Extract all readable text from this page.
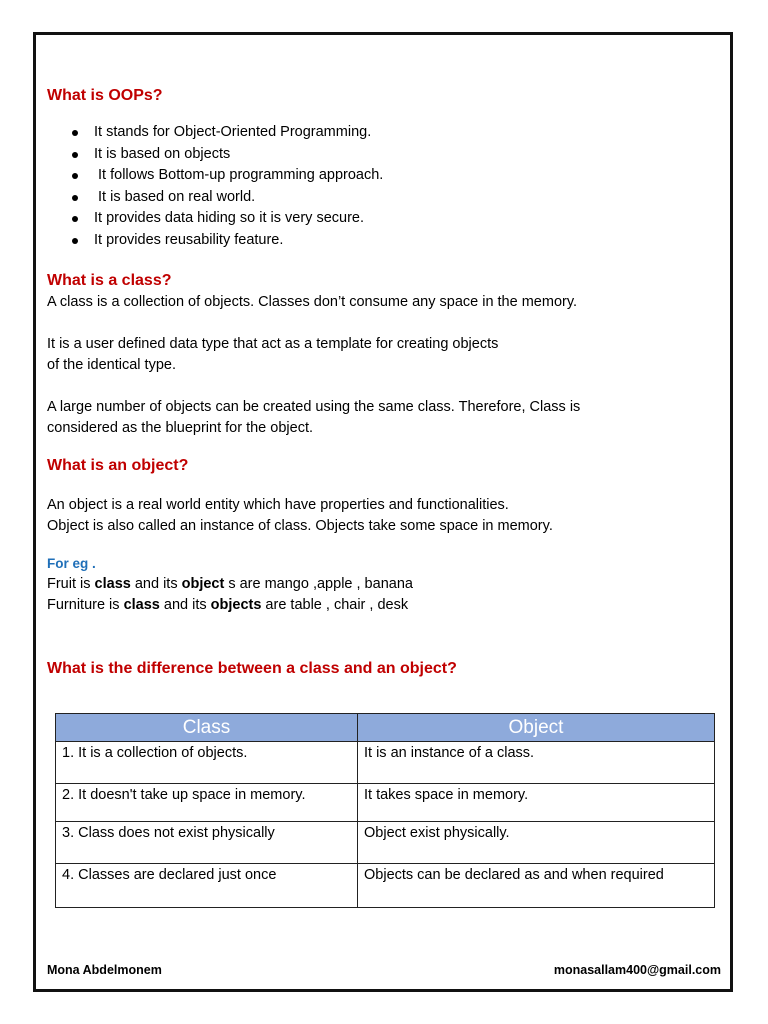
What is OOPs?
It stands for Object-Oriented Programming.
It is based on objects
It follows Bottom-up programming approach.
It is based on real world.
It provides data hiding so it is very secure.
It provides reusability feature.
What is a class?

A class is a collection of objects. Classes don’t consume any space in the memory.

It is a user defined data type that act as a template for creating objects

of the identical type.

A large number of objects can be created using the same class. Therefore, Class is

considered as the blueprint for the object.

What is an object?

An object is a real world entity which have properties and functionalities.

Object is also called an instance of class. Objects take some space in memory.

For eg .

Fruit is class and its object s are mango ,apple , banana

Furniture is class and its objects are table , chair , desk

What is the difference between a class and an object?
Class	Object
1. It is a collection of objects.	It is an instance of a class.
2. It doesn't take up space in memory.	It takes space in memory.
3. Class does not exist physically	Object exist physically.
4. Classes are declared just once	Objects can be declared as and when required
Mona Abdelmonem	monasallam400@gmail.com
